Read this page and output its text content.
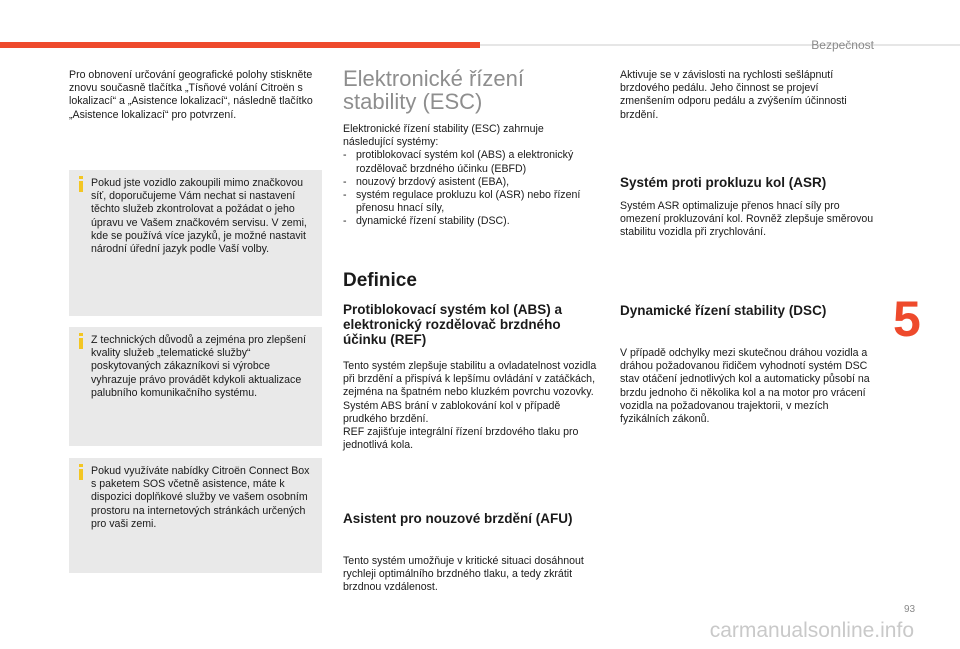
Bezpečnost

Pro obnovení určování geografické polohy stiskněte znovu současně tlačítka „Tísňové volání Citroën s lokalizací“ a „Asistence lokalizací“, následně tlačítko „Asistence lokalizací“ pro potvrzení.

Pokud jste vozidlo zakoupili mimo značkovou síť, doporučujeme Vám nechat si nastavení těchto služeb zkontrolovat a požádat o jeho úpravu ve Vašem značkovém servisu. V zemi, kde se používá více jazyků, je možné nastavit národní úřední jazyk podle Vaší volby.

Z technických důvodů a zejména pro zlepšení kvality služeb „telematické služby“ poskytovaných zákazníkovi si výrobce vyhrazuje právo provádět kdykoli aktualizace palubního komunikačního systému.

Pokud využíváte nabídky Citroën Connect Box s paketem SOS včetně asistence, máte k dispozici doplňkové služby ve vašem osobním prostoru na internetových stránkách určených pro vaši zemi.

Elektronické řízení stability (ESC)

Elektronické řízení stability (ESC) zahrnuje následující systémy:

- protiblokovací systém kol (ABS) a elektronický rozdělovač brzdného účinku (EBFD)
- nouzový brzdový asistent (EBA),
- systém regulace prokluzu kol (ASR) nebo řízení přenosu hnací síly,
- dynamické řízení stability (DSC).
Definice
Protiblokovací systém kol (ABS) a elektronický rozdělovač brzdného účinku (REF)

Tento systém zlepšuje stabilitu a ovladatelnost vozidla při brzdění a přispívá k lepšímu ovládání v zatáčkách, zejména na špatném nebo kluzkém povrchu vozovky.

Systém ABS brání v zablokování kol v případě prudkého brzdění.

REF zajišťuje integrální řízení brzdového tlaku pro jednotlivá kola.

Asistent pro nouzové brzdění (AFU)

Tento systém umožňuje v kritické situaci dosáhnout rychleji optimálního brzdného tlaku, a tedy zkrátit brzdnou vzdálenost.

Aktivuje se v závislosti na rychlosti sešlápnutí brzdového pedálu. Jeho činnost se projeví zmenšením odporu pedálu a zvýšením účinnosti brzdění.

Systém proti prokluzu kol (ASR)

Systém ASR optimalizuje přenos hnací síly pro omezení prokluzování kol. Rovněž zlepšuje směrovou stabilitu vozidla při zrychlování.

Dynamické řízení stability (DSC)

V případě odchylky mezi skutečnou dráhou vozidla a dráhou požadovanou řidičem vyhodnotí systém DSC stav otáčení jednotlivých kol a automaticky působí na brzdu jednoho či několika kol a na motor pro vrácení vozidla na požadovanou trajektorii, v mezích fyzikálních zákonů.

5
93
carmanualsonline.info
